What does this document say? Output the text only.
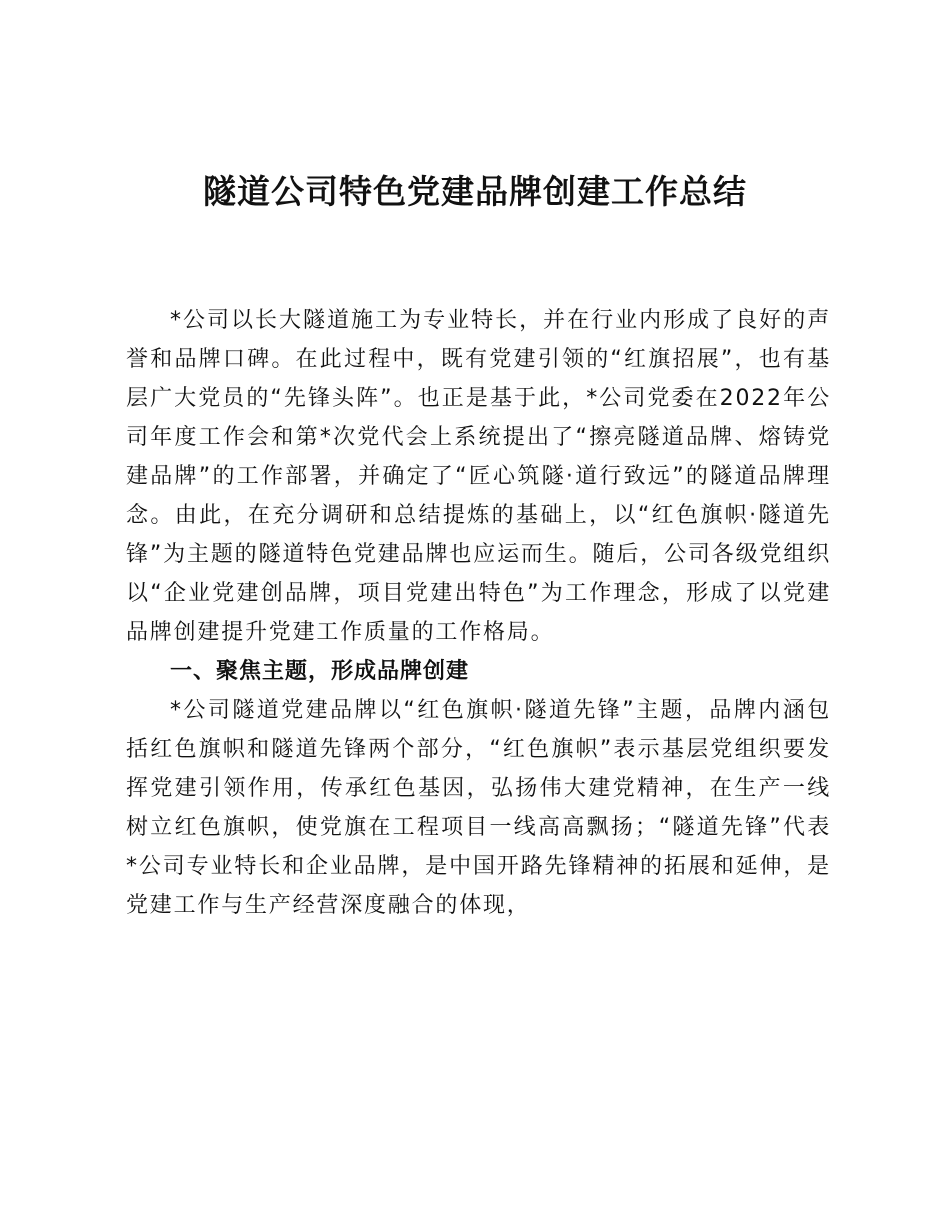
隧道公司特色党建品牌创建工作总结

*公司以长大隧道施工为专业特长，并在行业内形成了良好的声誉和品牌口碑。在此过程中，既有党建引领的“红旗招展”，也有基层广大党员的“先锋头阵”。也正是基于此，*公司党委在2022年公司年度工作会和第*次党代会上系统提出了“擦亮隧道品牌、熔铸党建品牌”的工作部署，并确定了“匠心筑隧·道行致远”的隧道品牌理念。由此，在充分调研和总结提炼的基础上，以“红色旗帜·隧道先锋”为主题的隧道特色党建品牌也应运而生。随后，公司各级党组织以“企业党建创品牌，项目党建出特色”为工作理念，形成了以党建品牌创建提升党建工作质量的工作格局。

一、聚焦主题，形成品牌创建

*公司隧道党建品牌以“红色旗帜·隧道先锋”主题，品牌内涵包括红色旗帜和隧道先锋两个部分，“红色旗帜”表示基层党组织要发挥党建引领作用，传承红色基因，弘扬伟大建党精神，在生产一线树立红色旗帜，使党旗在工程项目一线高高飘扬；“隧道先锋”代表*公司专业特长和企业品牌，是中国开路先锋精神的拓展和延伸，是党建工作与生产经营深度融合的体现，
